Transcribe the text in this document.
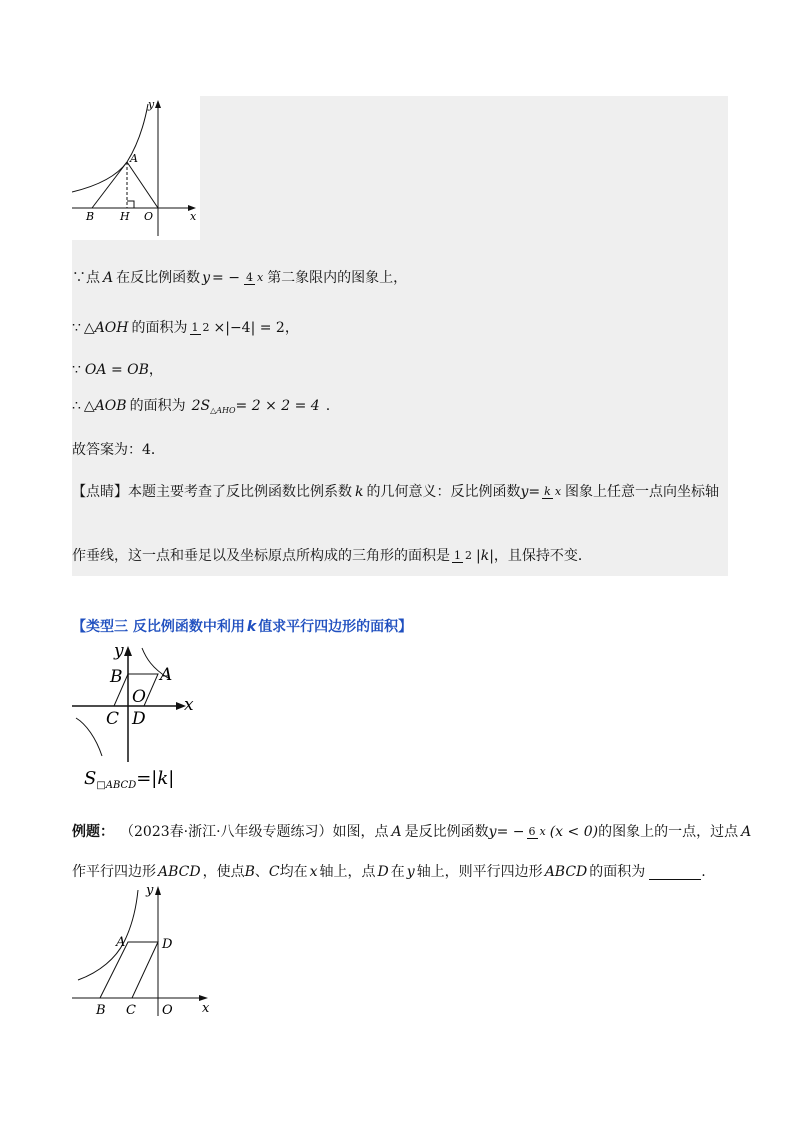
y
x
A
B H O
∵点 A 在反比例函数 y = − 4 x 第二象限内的图象上，
∵ △AOH 的面积为 1 2 ×|−4| = 2 ，
∵ OA = OB ，
∴ △AOB 的面积为 2S △AHO = 2 × 2 = 4 .
故答案为：4．
【点睛】本题主要考查了反比例函数比例系数 k 的几何意义：反比例函数 y = k x 图象上任意一点向坐标轴
作垂线，这一点和垂足以及坐标原点所构成的三角形的面积是 1 2 |k| ，且保持不变．
【类型三 反比例函数中利用 k 值求平行四边形的面积】
y
x
A
B
C D
O
$S_{□ABCD}=|k|$
例题： （2023春·浙江·八年级专题练习）如图，点 A 是反比例函数 y = − 6 x (x < 0) 的图象上的一点，过点 A
作平行四边形 ABCD ，使点 B 、 C 均在 x 轴上，点 D 在 y 轴上，则平行四边形 ABCD 的面积为	.
y
x
A	D
B C O
